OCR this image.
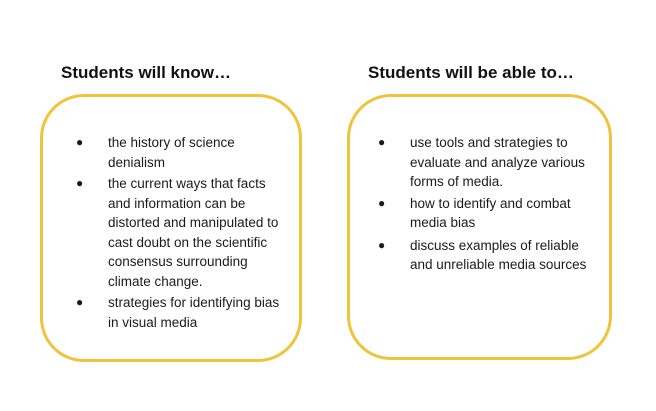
Students will know…
● the history of science denialism
● the current ways that facts and information can be distorted and manipulated to cast doubt on the scientific consensus surrounding climate change.
● strategies for identifying bias in visual media
Students will be able to…
● use tools and strategies to evaluate and analyze various forms of media.
● how to identify and combat media bias
● discuss examples of reliable and unreliable media sources
